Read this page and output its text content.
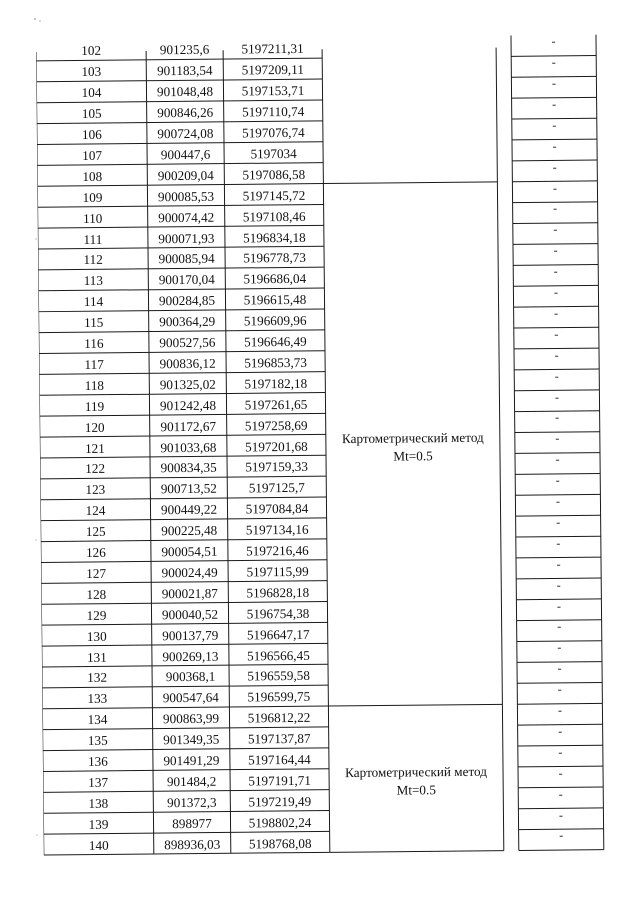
102	901235,6 5197211,31
-
103	901183,54 5197209,11
-
104	901048,48 5197153,71
-
105	900846,26 5197110,74
-
106	900724,08 5197076,74
-
107	900447,6	5197034
-
108	900209,04 5197086,58
-
109	900085,53 5197145,72
-
110	900074,42 5197108,46
-
111	900071,93 5196834,18
-
112	900085,94 5196778,73
-
113	900170,04 5196686,04
-
114	900284,85 5196615,48
-
115	900364,29 5196609,96
-
116	900527,56 5196646,49
-
117	900836,12 5196853,73
-
118	901325,02 5197182,18
-
119	901242,48 5197261,65
-
120	901172,67 5197258,69
-
121	901033,68 5197201,68
-
122	900834,35 5197159,33
-
123	900713,52 5197125,7
-
124	900449,22 5197084,84
-
125	900225,48 5197134,16
-
126	900054,51 5197216,46
-
127	900024,49 5197115,99
-
128	900021,87 5196828,18
-
129	900040,52 5196754,38
-
130	900137,79 5196647,17
-
131	900269,13 5196566,45
-
132	900368,1 5196559,58
-
133	900547,64 5196599,75
-
134	900863,99 5196812,22
-
135	901349,35 5197137,87
-
136	901491,29 5197164,44
-
137	901484,2 5197191,71
-
138	901372,3 5197219,49
-
139	898977	5198802,24
-
140	898936,03 5198768,08
-
Картометрический метод
Mt=0.5
Картометрический метод
Mt=0.5
